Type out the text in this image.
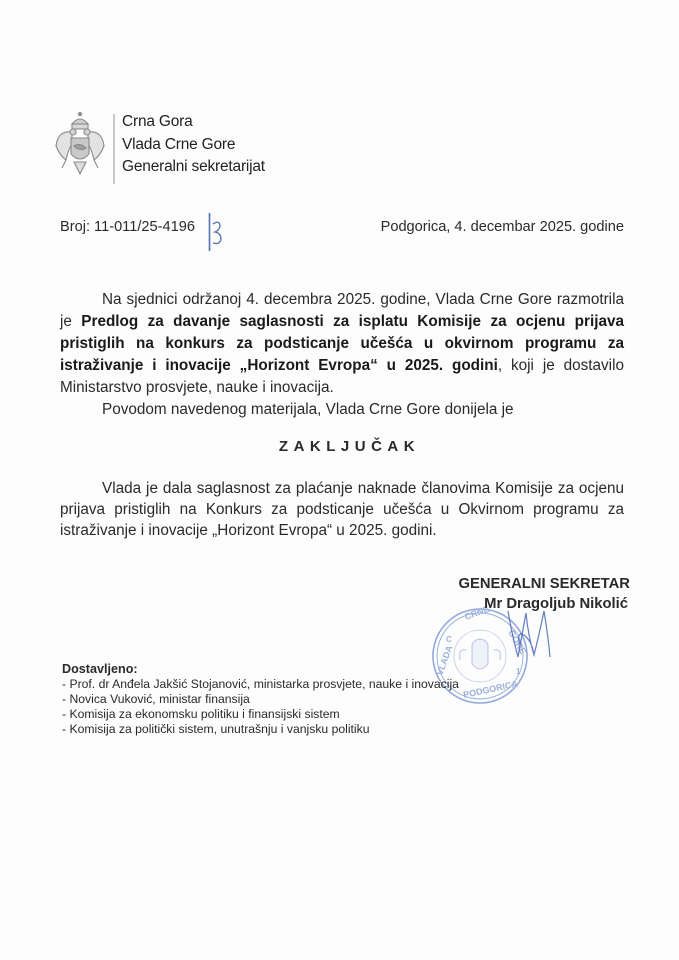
Crna Gora
Vlada Crne Gore
Generalni sekretarijat
Broj: 11-011/25-4196	Podgorica, 4. decembar 2025. godine
Na sjednici održanoj 4. decembra 2025. godine, Vlada Crne Gore razmotrila je Predlog za davanje saglasnosti za isplatu Komisije za ocjenu prijava pristiglih na konkurs za podsticanje učešća u okvirnom programu za istraživanje i inovacije „Horizont Evropa“ u 2025. godini, koji je dostavilo Ministarstvo prosvjete, nauke i inovacija.
Povodom navedenog materijala, Vlada Crne Gore donijela je
ZAKLJUČAK
Vlada je dala saglasnost za plaćanje naknade članovima Komisije za ocjenu prijava pristiglih na Konkurs za podsticanje učešća u Okvirnom programu za istraživanje i inovacije „Horizont Evropa“ u 2025. godini.
VLADA
CRNE
GORE
PODGORICA
C
1
GENERALNI SEKRETAR
Mr Dragoljub Nikolić
Dostavljeno:
- Prof. dr Anđela Jakšić Stojanović, ministarka prosvjete, nauke i inovacija
- Novica Vuković, ministar finansija
- Komisija za ekonomsku politiku i finansijski sistem
- Komisija za politički sistem, unutrašnju i vanjsku politiku
